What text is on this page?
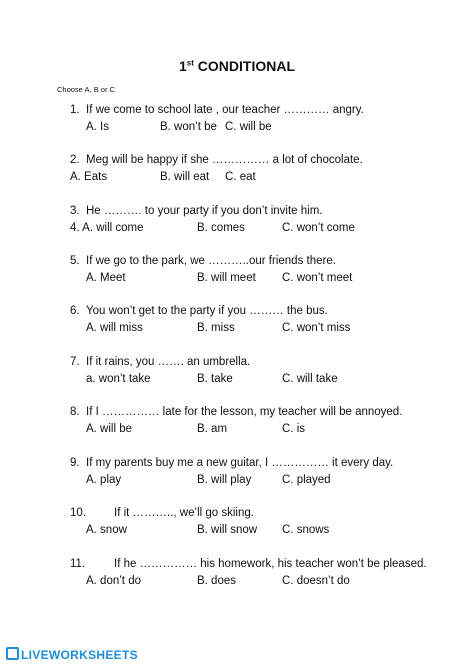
1st CONDITIONAL
Choose A, B or C
1. If we come to school late , our teacher ………… angry.
A. Is	B. won’t be C. will be
2. Meg will be happy if she …………… a lot of chocolate.
A. Eats	B. will eat C. eat
3. He ………. to your party if you don’t invite him.
4. A. will come	B. comes	C. won’t come
5. If we go to the park, we ………..our friends there.
A. Meet	B. will meet C. won’t meet
6. You won’t get to the party if you ……… the bus.
A. will miss	B. miss	C. won’t miss
7. If it rains, you ……. an umbrella.
a. won’t take	B. take	C. will take
8. If I …………… late for the lesson, my teacher will be annoyed.
A. will be	B. am	C. is
9. If my parents buy me a new guitar, I …………… it every day.
A. play	B. will play	C. played
10. If it ……….., we’ll go skiing.
A. snow	B. will snow C. snows
11.	If he …………… his homework, his teacher won’t be pleased.
A. don’t do	B. does	C. doesn’t do
LIVEWORKSHEETS
